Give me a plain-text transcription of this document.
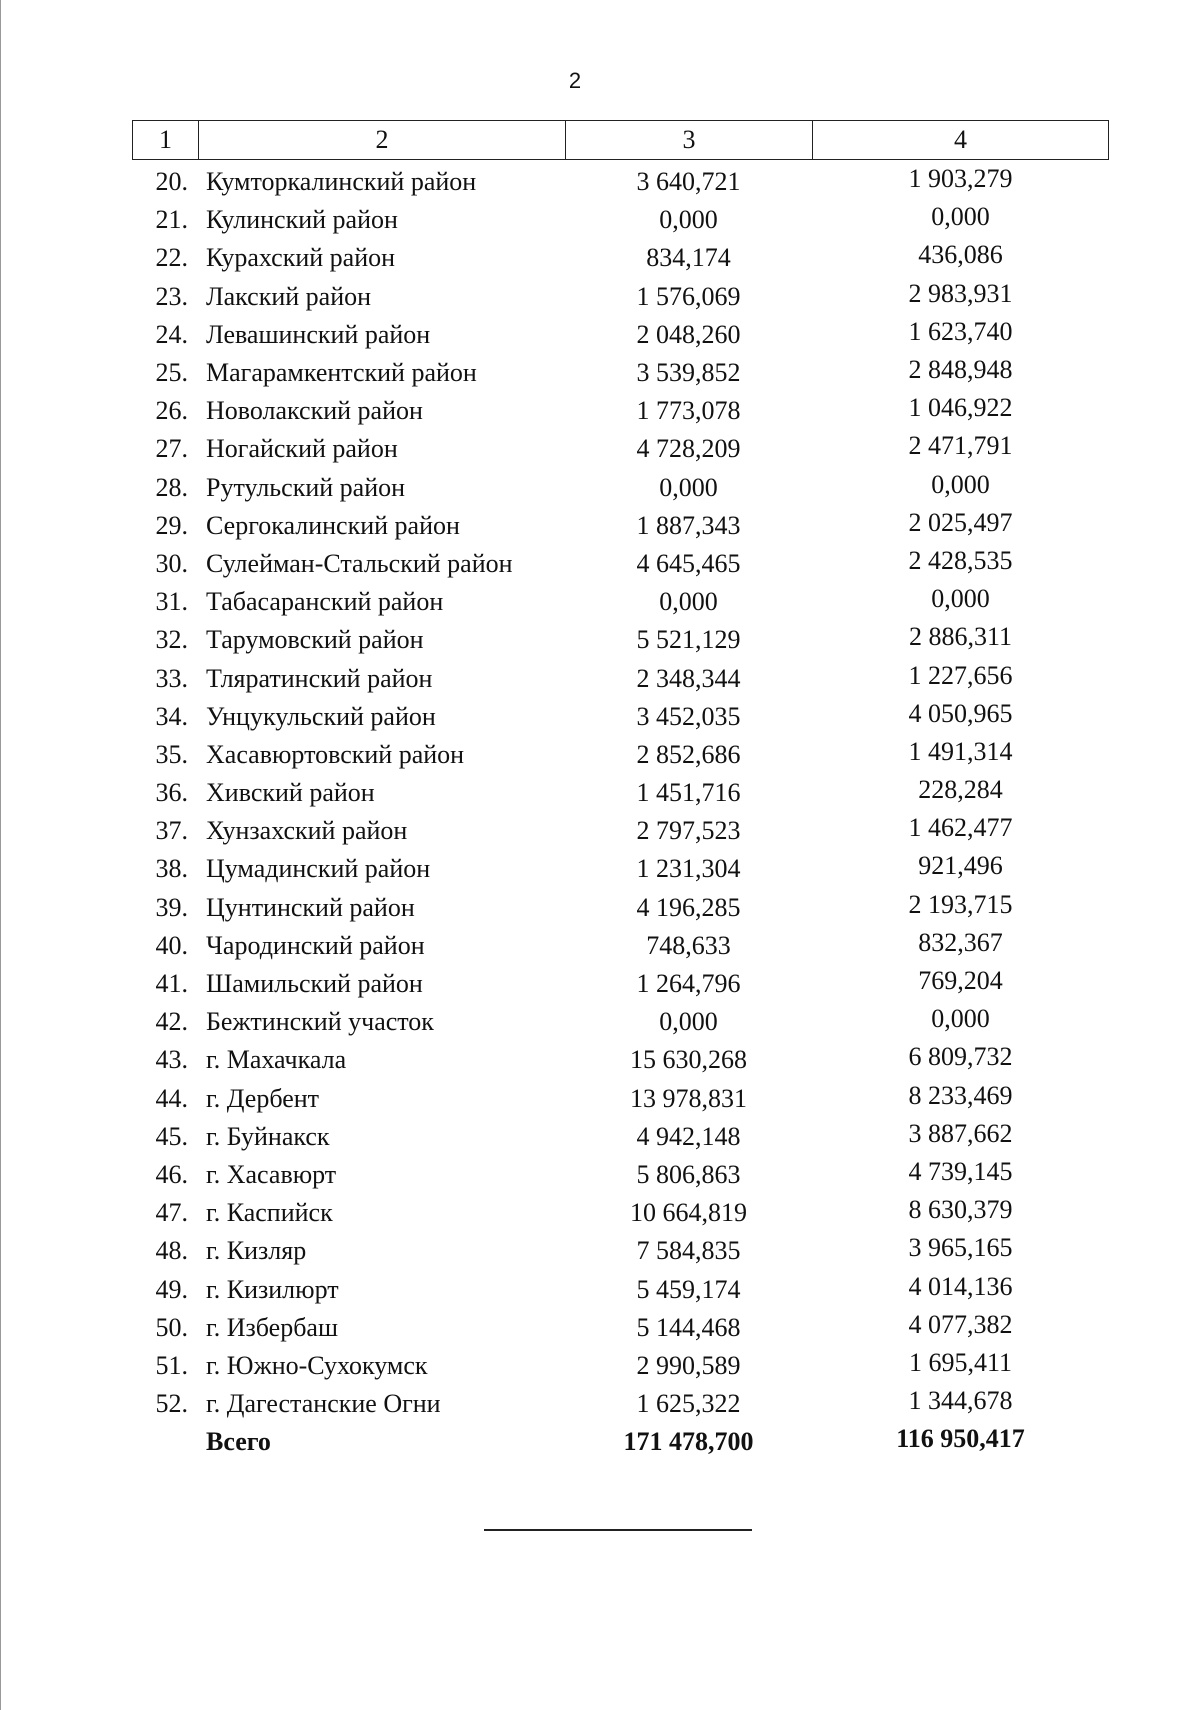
2
1	2	3	4
20. Кумторкалинский район	3 640,721	1 903,279
21. Кулинский район	0,000	0,000
22. Курахский район	834,174	436,086
23. Лакский район	1 576,069	2 983,931
24. Левашинский район	2 048,260	1 623,740
25. Магарамкентский район	3 539,852	2 848,948
26. Новолакский район	1 773,078	1 046,922
27. Ногайский район	4 728,209	2 471,791
28. Рутульский район	0,000	0,000
29. Сергокалинский район	1 887,343	2 025,497
30. Сулейман-Стальский район	4 645,465	2 428,535
31. Табасаранский район	0,000	0,000
32. Тарумовский район	5 521,129	2 886,311
33. Тляратинский район	2 348,344	1 227,656
34. Унцукульский район	3 452,035	4 050,965
35. Хасавюртовский район	2 852,686	1 491,314
36. Хивский район	1 451,716	228,284
37. Хунзахский район	2 797,523	1 462,477
38. Цумадинский район	1 231,304	921,496
39. Цунтинский район	4 196,285	2 193,715
40. Чародинский район	748,633	832,367
41. Шамильский район	1 264,796	769,204
42. Бежтинский участок	0,000	0,000
43. г. Махачкала	15 630,268	6 809,732
44. г. Дербент	13 978,831	8 233,469
45. г. Буйнакск	4 942,148	3 887,662
46. г. Хасавюрт	5 806,863	4 739,145
47. г. Каспийск	10 664,819	8 630,379
48. г. Кизляр	7 584,835	3 965,165
49. г. Кизилюрт	5 459,174	4 014,136
50. г. Избербаш	5 144,468	4 077,382
51. г. Южно-Сухокумск	2 990,589	1 695,411
52. г. Дагестанские Огни	1 625,322	1 344,678
Всего	171 478,700	116 950,417
